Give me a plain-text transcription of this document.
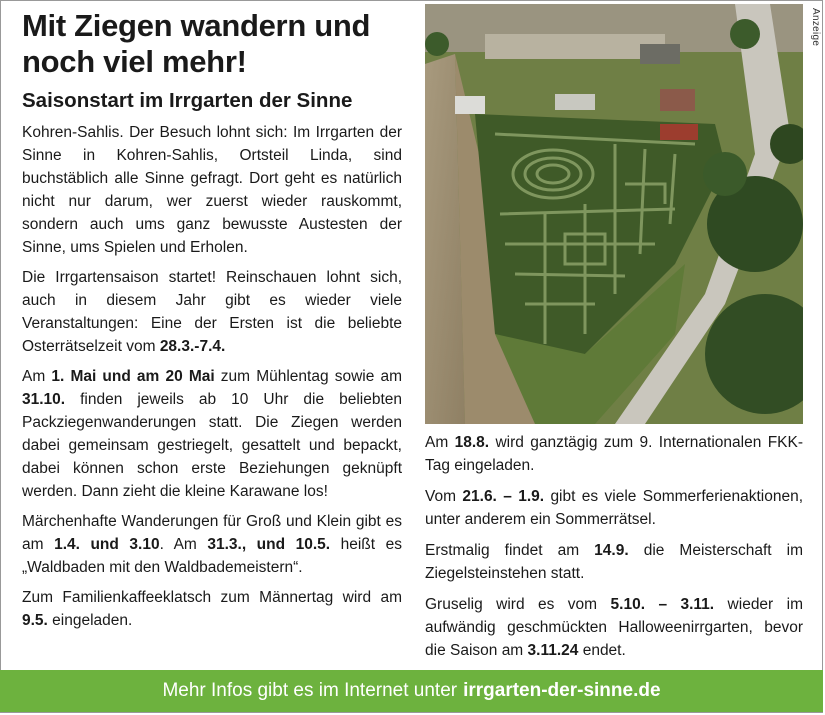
Anzeige
Mit Ziegen wandern und noch viel mehr!
Saisonstart im Irrgarten der Sinne

Kohren-Sahlis. Der Besuch lohnt sich: Im Irrgarten der Sinne in Kohren-Sahlis, Ortsteil Linda, sind buchstäblich alle Sinne gefragt. Dort geht es natürlich nicht nur darum, wer zuerst wieder rauskommt, sondern auch ums ganz bewusste Austesten der Sinne, ums Spielen und Erholen.

Die Irrgartensaison startet! Reinschauen lohnt sich, auch in diesem Jahr gibt es wieder viele Veranstaltungen: Eine der Ersten ist die beliebte Osterrätselzeit vom 28.3.-7.4.

Am 1. Mai und am 20 Mai zum Mühlentag sowie am 31.10. finden jeweils ab 10 Uhr die beliebten Packziegenwanderungen statt. Die Ziegen werden dabei gemeinsam gestriegelt, gesattelt und bepackt, dabei können schon erste Beziehungen geknüpft werden. Dann zieht die kleine Karawane los!

Märchenhafte Wanderungen für Groß und Klein gibt es am 1.4. und 3.10. Am 31.3., und 10.5. heißt es „Waldbaden mit den Waldbademeistern“.

Zum Familienkaffeeklatsch zum Männertag wird am 9.5. eingeladen.

Am 18.8. wird ganztägig zum 9. Internationalen FKK-Tag eingeladen.

Vom 21.6. – 1.9. gibt es viele Sommerferienaktionen, unter anderem ein Sommerrätsel.

Erstmalig findet am 14.9. die Meisterschaft im Ziegelsteinstehen statt.

Gruselig wird es vom 5.10. – 3.11. wieder im aufwändig geschmückten Halloweenirrgarten, bevor die Saison am 3.11.24 endet.

Mehr Infos gibt es im Internet unter irrgarten-der-sinne.de
